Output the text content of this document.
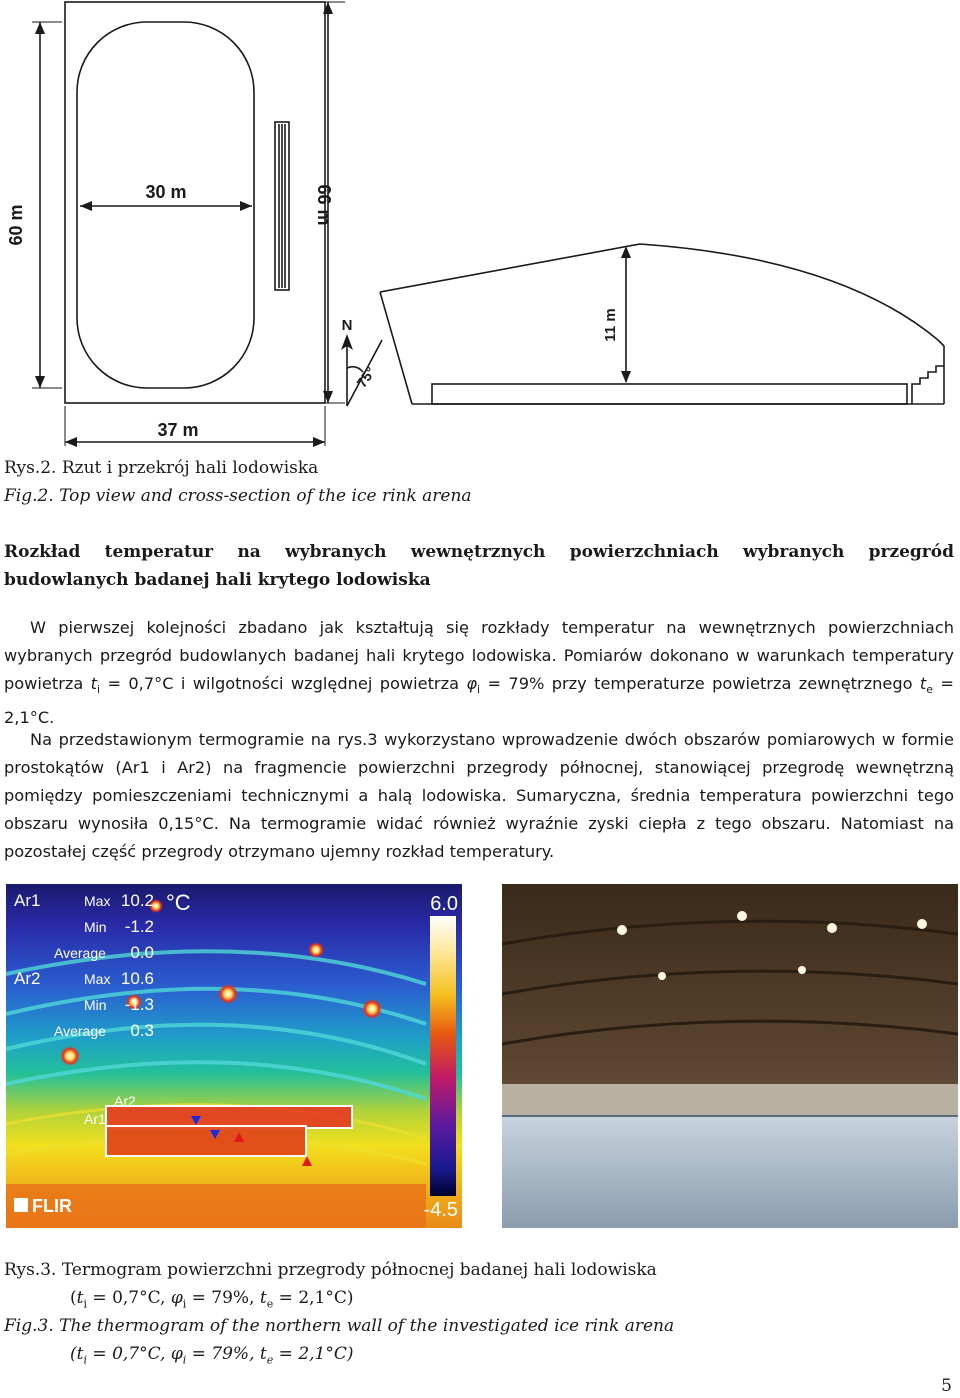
60 m	66 m
30 m
37 m
N
75°
11 m
Rys.2. Rzut i przekrój hali lodowiska
Fig.2. Top view and cross-section of the ice rink arena
Rozkład temperatur na wybranych wewnętrznych powierzchniach wybranych przegród budowlanych badanej hali krytego lodowiska
W pierwszej kolejności zbadano jak kształtują się rozkłady temperatur na wewnętrznych powierzchniach wybranych przegród budowlanych badanej hali krytego lodowiska. Pomiarów dokonano w warunkach temperatury powietrza $t_i = 0,7^\circ C$ i wilgotności względnej powietrza $\varphi_i = 79\%$ przy temperaturze powietrza zewnętrznego $t_e = 2,1^\circ C$.
Na przedstawionym termogramie na rys.3 wykorzystano wprowadzenie dwóch obszarów pomiarowych w formie prostokątów (Ar1 i Ar2) na fragmencie powierzchni przegrody północnej, stanowiącej przegrodę wewnętrzną pomiędzy pomieszczeniami technicznymi a halą lodowiska. Sumaryczna, średnia temperatura powierzchni tego obszaru wynosiła 0,15°C. Na termogramie widać również wyraźnie zyski ciepła z tego obszaru. Natomiast na pozostałej część przegrody otrzymano ujemny rozkład temperatury.
Ar2
Ar1
Ar1	Max 10.2
Min -1.2
Average 0.0
Ar2	Max 10.6
Min -1.3
Average 0.3
°C	6.0
-4.5
FLIR
Rys.3. Termogram powierzchni przegrody północnej badanej hali lodowiska
($t_i = 0,7^\circ C$, $\varphi_i = 79\%$, $t_e = 2,1^\circ C$)
Fig.3. The thermogram of the northern wall of the investigated ice rink arena
($t_i = 0,7^\circ C$, $\varphi_i = 79\%$, $t_e = 2,1^\circ C$)
5
